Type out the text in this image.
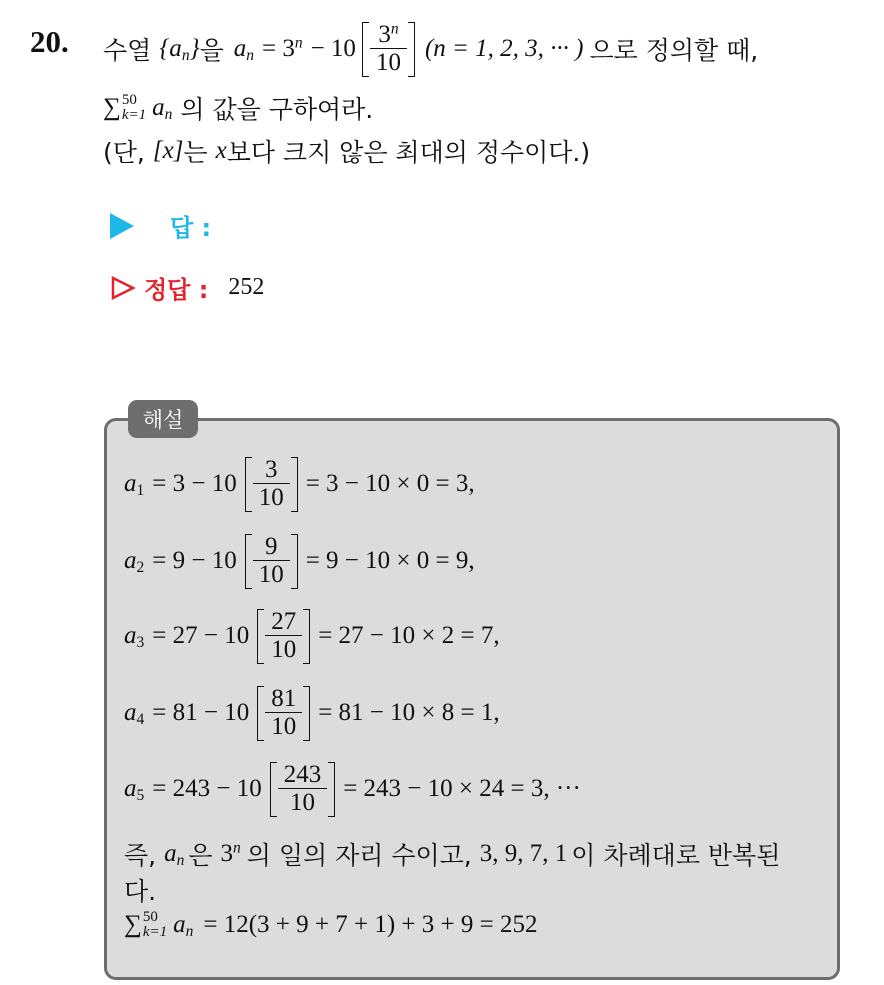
20. 수열 $\{a_n\}$ 을 $a_n = 3^n - 10 \frac{3^n}{10} (n = 1$, 2, 3, ··· ) 으로 정의할 때,
∑ 50
k=1 $a_n$ 의 값을 구하여라.
(단, [x] 는 x 보다 크지 않은 최대의 정수이다.)
답 :
정답 : 252
해설
$a_1 = 3 - 10 \frac{3}{10} = 3 - 10 \times 0 = 3$,
$a_2 = 9 - 10 \frac{9}{10} = 9 - 10 \times 0 = 9$,
$a_3 = 27 - 10 \frac{27}{10} = 27 - 10 \times 2 = 7$,
$a_4 = 81 - 10 \frac{81}{10} = 81 - 10 \times 8 = 1$,
$a_5 = 243 - 10 \frac{243}{10} = 243 - 10 \times 24 = 3$, ···
즉, $a_n$ 은 3$^n$ 의 일의 자리 수이고, 3, 9, 7, 1 이 차례대로 반복된
다.
∑ 50
k=1 $a_n = 12(3 + 9 + 7 + 1) + 3 + 9 = 252$
